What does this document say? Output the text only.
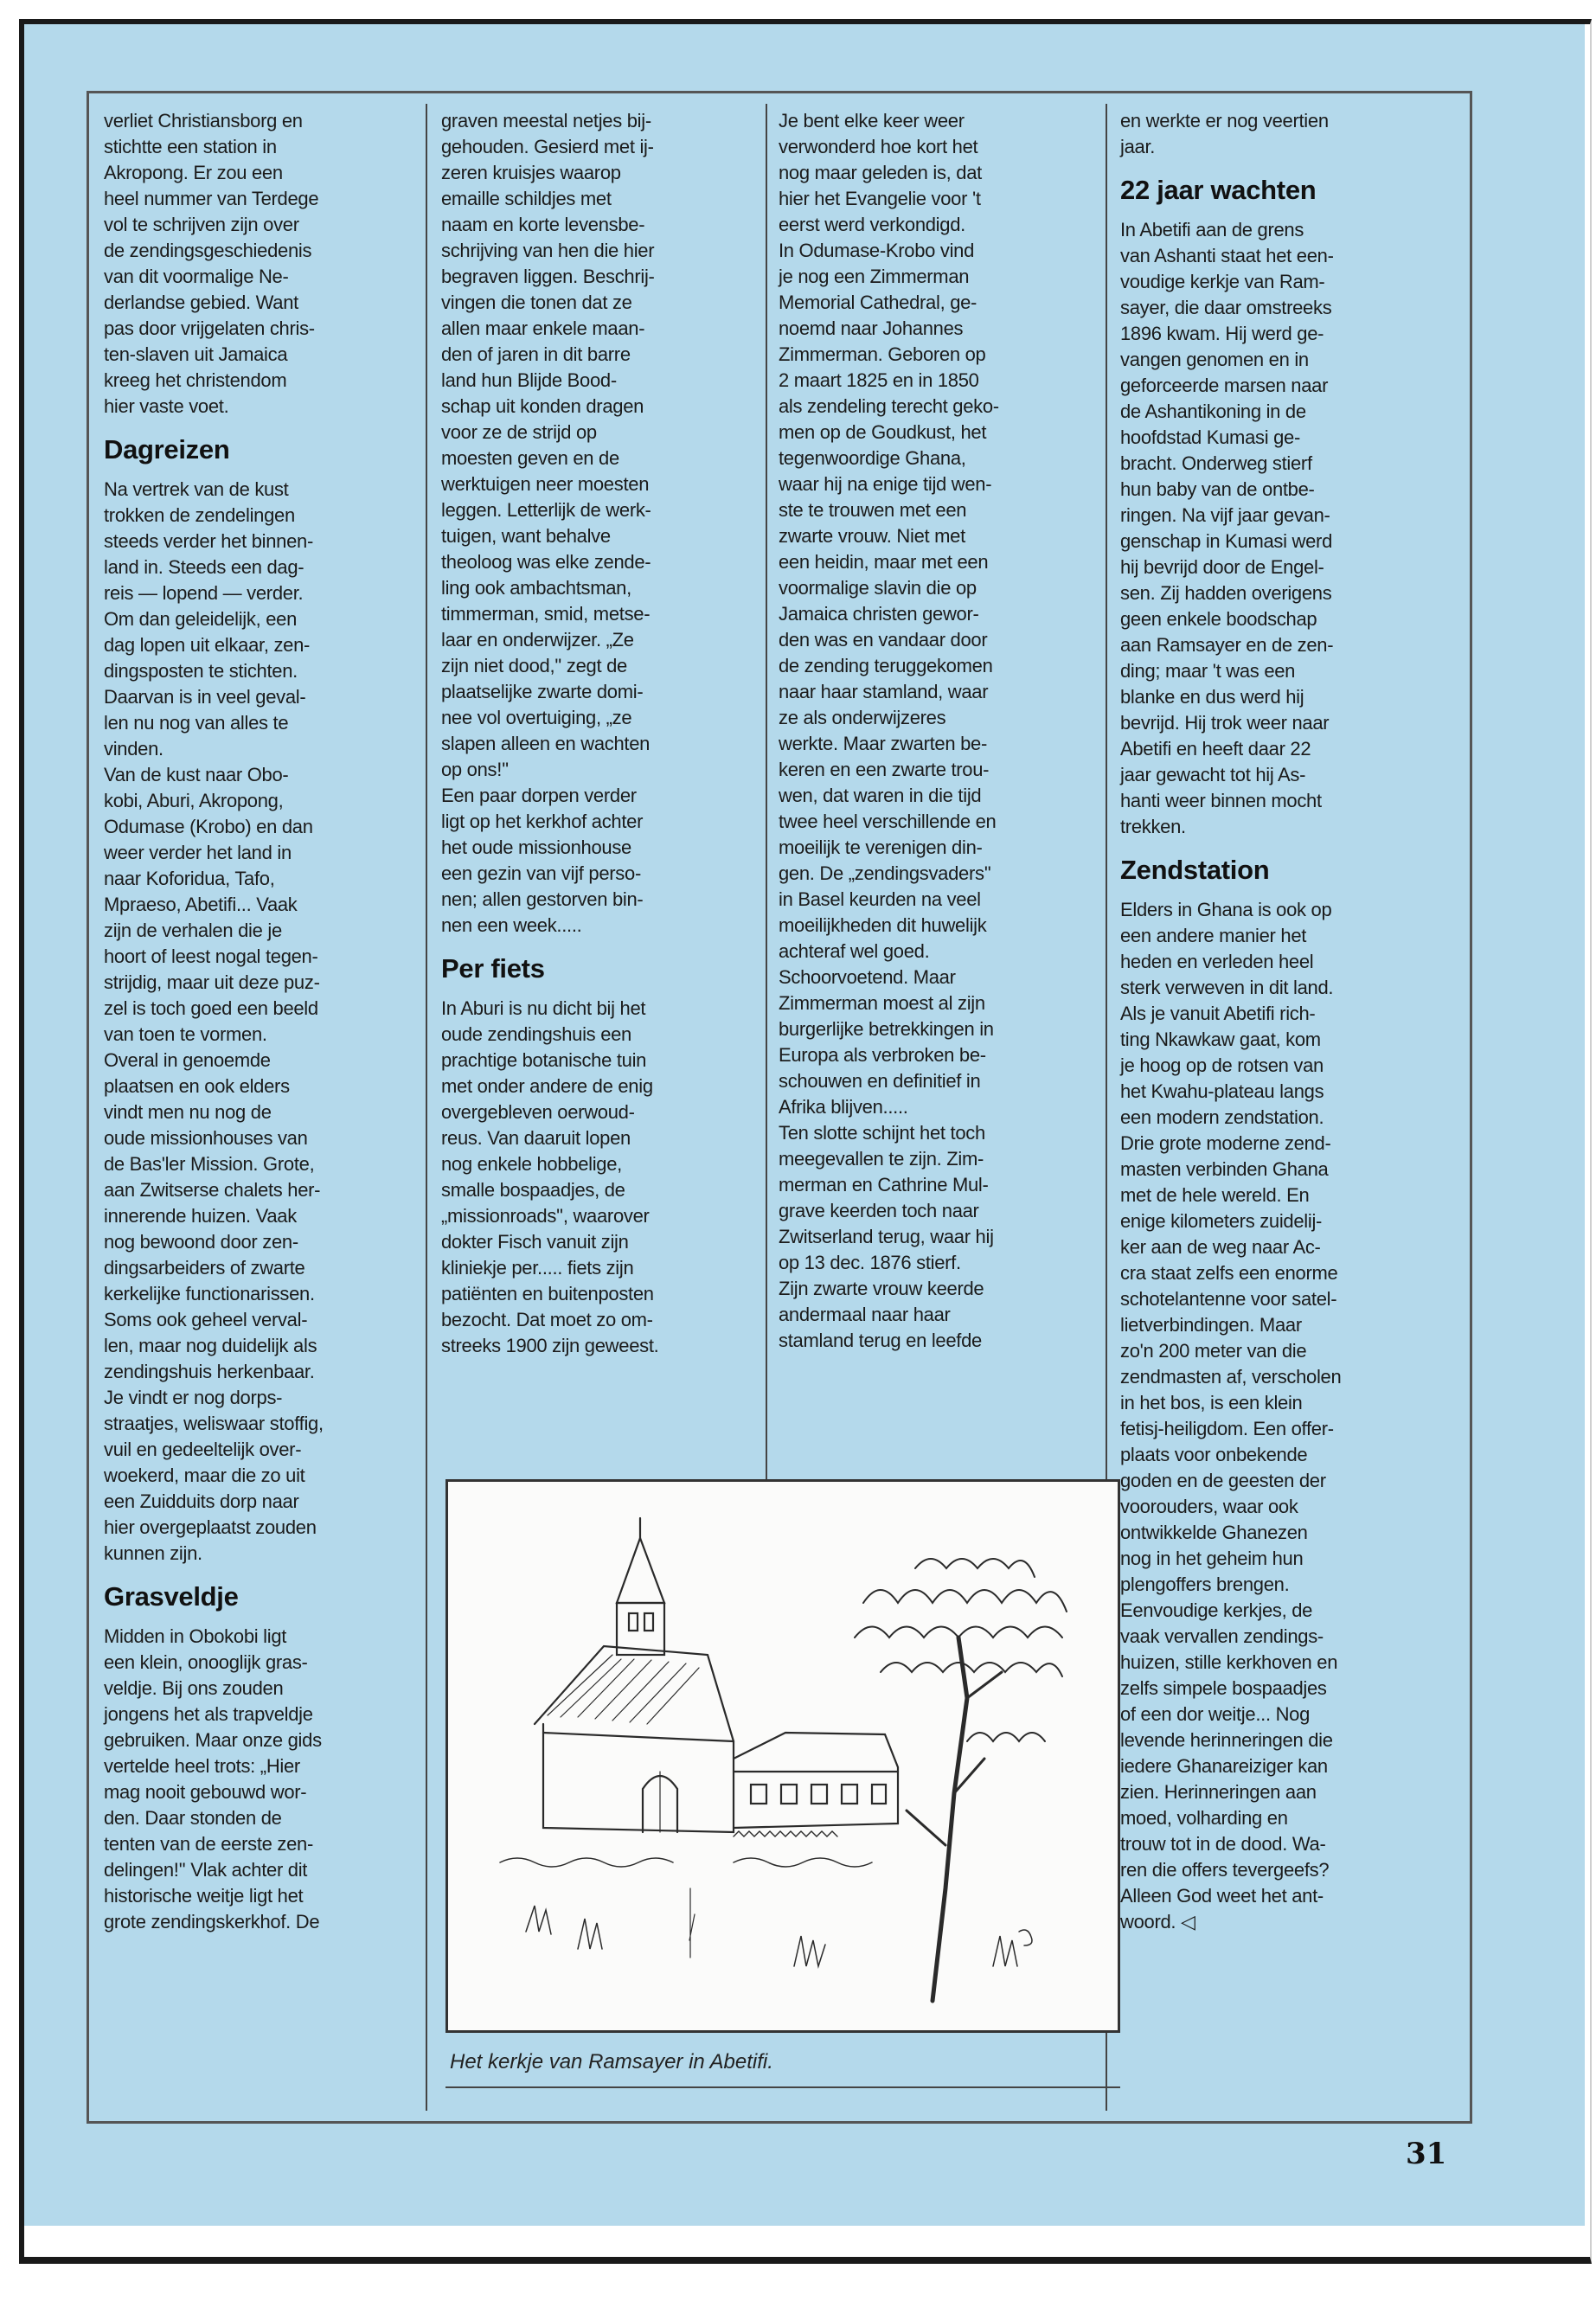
verliet Christiansborg en
stichtte een station in
Akropong. Er zou een
heel nummer van Terdege
vol te schrijven zijn over
de zendingsgeschiedenis
van dit voormalige Ne-
derlandse gebied. Want
pas door vrijgelaten chris-
ten-slaven uit Jamaica
kreeg het christendom
hier vaste voet.

Dagreizen

Na vertrek van de kust
trokken de zendelingen
steeds verder het binnen-
land in. Steeds een dag-
reis — lopend — verder.
Om dan geleidelijk, een
dag lopen uit elkaar, zen-
dingsposten te stichten.
Daarvan is in veel geval-
len nu nog van alles te
vinden.

Van de kust naar Obo-
kobi, Aburi, Akropong,
Odumase (Krobo) en dan
weer verder het land in
naar Koforidua, Tafo,
Mpraeso, Abetifi... Vaak
zijn de verhalen die je
hoort of leest nogal tegen-
strijdig, maar uit deze puz-
zel is toch goed een beeld
van toen te vormen.

Overal in genoemde
plaatsen en ook elders
vindt men nu nog de
oude missionhouses van
de Bas'ler Mission. Grote,
aan Zwitserse chalets her-
innerende huizen. Vaak
nog bewoond door zen-
dingsarbeiders of zwarte
kerkelijke functionarissen.
Soms ook geheel verval-
len, maar nog duidelijk als
zendingshuis herkenbaar.

Je vindt er nog dorps-
straatjes, weliswaar stoffig,
vuil en gedeeltelijk over-
woekerd, maar die zo uit
een Zuidduits dorp naar
hier overgeplaatst zouden
kunnen zijn.

Grasveldje

Midden in Obokobi ligt
een klein, onooglijk gras-
veldje. Bij ons zouden
jongens het als trapveldje
gebruiken. Maar onze gids
vertelde heel trots: „Hier
mag nooit gebouwd wor-
den. Daar stonden de
tenten van de eerste zen-
delingen!'' Vlak achter dit
historische weitje ligt het
grote zendingskerkhof. De

graven meestal netjes bij-
gehouden. Gesierd met ij-
zeren kruisjes waarop
emaille schildjes met
naam en korte levensbe-
schrijving van hen die hier
begraven liggen. Beschrij-
vingen die tonen dat ze
allen maar enkele maan-
den of jaren in dit barre
land hun Blijde Bood-
schap uit konden dragen
voor ze de strijd op
moesten geven en de
werktuigen neer moesten
leggen. Letterlijk de werk-
tuigen, want behalve
theoloog was elke zende-
ling ook ambachtsman,
timmerman, smid, metse-
laar en onderwijzer. „Ze
zijn niet dood,'' zegt de
plaatselijke zwarte domi-
nee vol overtuiging, „ze
slapen alleen en wachten
op ons!''

Een paar dorpen verder
ligt op het kerkhof achter
het oude missionhouse
een gezin van vijf perso-
nen; allen gestorven bin-
nen een week.....

Per fiets

In Aburi is nu dicht bij het
oude zendingshuis een
prachtige botanische tuin
met onder andere de enig
overgebleven oerwoud-
reus. Van daaruit lopen
nog enkele hobbelige,
smalle bospaadjes, de
„missionroads'', waarover
dokter Fisch vanuit zijn
kliniekje per..... fiets zijn
patiënten en buitenposten
bezocht. Dat moet zo om-
streeks 1900 zijn geweest.

Je bent elke keer weer
verwonderd hoe kort het
nog maar geleden is, dat
hier het Evangelie voor 't
eerst werd verkondigd.

In Odumase-Krobo vind
je nog een Zimmerman
Memorial Cathedral, ge-
noemd naar Johannes
Zimmerman. Geboren op
2 maart 1825 en in 1850
als zendeling terecht geko-
men op de Goudkust, het
tegenwoordige Ghana,
waar hij na enige tijd wen-
ste te trouwen met een
zwarte vrouw. Niet met
een heidin, maar met een
voormalige slavin die op
Jamaica christen gewor-
den was en vandaar door
de zending teruggekomen
naar haar stamland, waar
ze als onderwijzeres
werkte. Maar zwarten be-
keren en een zwarte trou-
wen, dat waren in die tijd
twee heel verschillende en
moeilijk te verenigen din-
gen. De „zendingsvaders''
in Basel keurden na veel
moeilijkheden dit huwelijk
achteraf wel goed.

Schoorvoetend. Maar
Zimmerman moest al zijn
burgerlijke betrekkingen in
Europa als verbroken be-
schouwen en definitief in
Afrika blijven.....

Ten slotte schijnt het toch
meegevallen te zijn. Zim-
merman en Cathrine Mul-
grave keerden toch naar
Zwitserland terug, waar hij
op 13 dec. 1876 stierf.
Zijn zwarte vrouw keerde
andermaal naar haar
stamland terug en leefde

en werkte er nog veertien
jaar.

22 jaar wachten

In Abetifi aan de grens
van Ashanti staat het een-
voudige kerkje van Ram-
sayer, die daar omstreeks
1896 kwam. Hij werd ge-
vangen genomen en in
geforceerde marsen naar
de Ashantikoning in de
hoofdstad Kumasi ge-
bracht. Onderweg stierf
hun baby van de ontbe-
ringen. Na vijf jaar gevan-
genschap in Kumasi werd
hij bevrijd door de Engel-
sen. Zij hadden overigens
geen enkele boodschap
aan Ramsayer en de zen-
ding; maar 't was een
blanke en dus werd hij
bevrijd. Hij trok weer naar
Abetifi en heeft daar 22
jaar gewacht tot hij As-
hanti weer binnen mocht
trekken.

Zendstation

Elders in Ghana is ook op
een andere manier het
heden en verleden heel
sterk verweven in dit land.
Als je vanuit Abetifi rich-
ting Nkawkaw gaat, kom
je hoog op de rotsen van
het Kwahu-plateau langs
een modern zendstation.
Drie grote moderne zend-
masten verbinden Ghana
met de hele wereld. En
enige kilometers zuidelij-
ker aan de weg naar Ac-
cra staat zelfs een enorme
schotelantenne voor satel-
lietverbindingen. Maar
zo'n 200 meter van die
zendmasten af, verscholen
in het bos, is een klein
fetisj-heiligdom. Een offer-
plaats voor onbekende
goden en de geesten der
voorouders, waar ook
ontwikkelde Ghanezen
nog in het geheim hun
plengoffers brengen.
Eenvoudige kerkjes, de
vaak vervallen zendings-
huizen, stille kerkhoven en
zelfs simpele bospaadjes
of een dor weitje... Nog
levende herinneringen die
iedere Ghanareiziger kan
zien. Herinneringen aan
moed, volharding en
trouw tot in de dood. Wa-
ren die offers tevergeefs?
Alleen God weet het ant-
woord. ◁

Het kerkje van Ramsayer in Abetifi.
31
